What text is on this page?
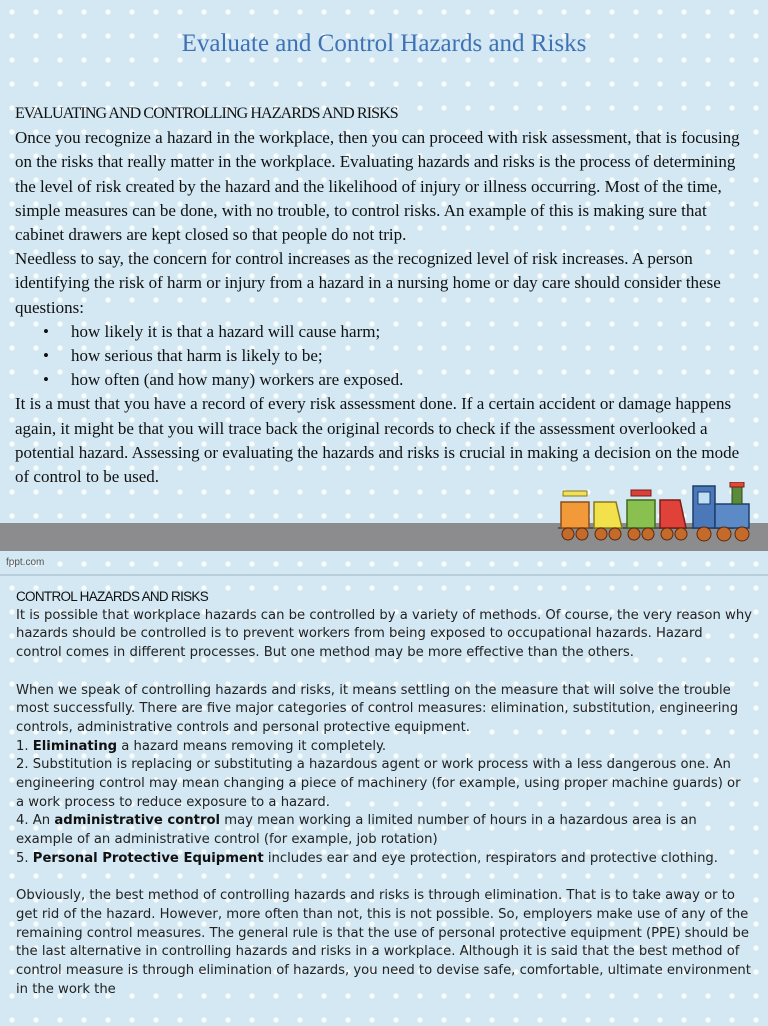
Evaluate and Control Hazards and Risks
EVALUATING AND CONTROLLING HAZARDS AND RISKS

Once you recognize a hazard in the workplace, then you can proceed with risk assessment, that is focusing on the risks that really matter in the workplace. Evaluating hazards and risks is the process of determining the level of risk created by the hazard and the likelihood of injury or illness occurring. Most of the time, simple measures can be done, with no trouble, to control risks. An example of this is making sure that cabinet drawers are kept closed so that people do not trip.

Needless to say, the concern for control increases as the recognized level of risk increases. A person identifying the risk of harm or injury from a hazard in a nursing home or day care should consider these questions:

• how likely it is that a hazard will cause harm;
• how serious that harm is likely to be;
• how often (and how many) workers are exposed.

It is a must that you have a record of every risk assessment done. If a certain accident or damage happens again, it might be that you will trace back the original records to check if the assessment overlooked a potential hazard. Assessing or evaluating the hazards and risks is crucial in making a decision on the mode of control to be used.

fppt.com
CONTROL HAZARDS AND RISKS

It is possible that workplace hazards can be controlled by a variety of methods. Of course, the very reason why hazards should be controlled is to prevent workers from being exposed to occupational hazards. Hazard control comes in different processes. But one method may be more effective than the others.

When we speak of controlling hazards and risks, it means settling on the measure that will solve the trouble most successfully. There are five major categories of control measures: elimination, substitution, engineering controls, administrative controls and personal protective equipment.

1. Eliminating a hazard means removing it completely.

2. Substitution is replacing or substituting a hazardous agent or work process with a less dangerous one. An engineering control may mean changing a piece of machinery (for example, using proper machine guards) or a work process to reduce exposure to a hazard.

4. An administrative control may mean working a limited number of hours in a hazardous area is an example of an administrative control (for example, job rotation)

5. Personal Protective Equipment includes ear and eye protection, respirators and protective clothing.

Obviously, the best method of controlling hazards and risks is through elimination. That is to take away or to get rid of the hazard. However, more often than not, this is not possible. So, employers make use of any of the remaining control measures. The general rule is that the use of personal protective equipment (PPE) should be the last alternative in controlling hazards and risks in a workplace. Although it is said that the best method of control measure is through elimination of hazards, you need to devise safe, comfortable, ultimate environment in the work the
